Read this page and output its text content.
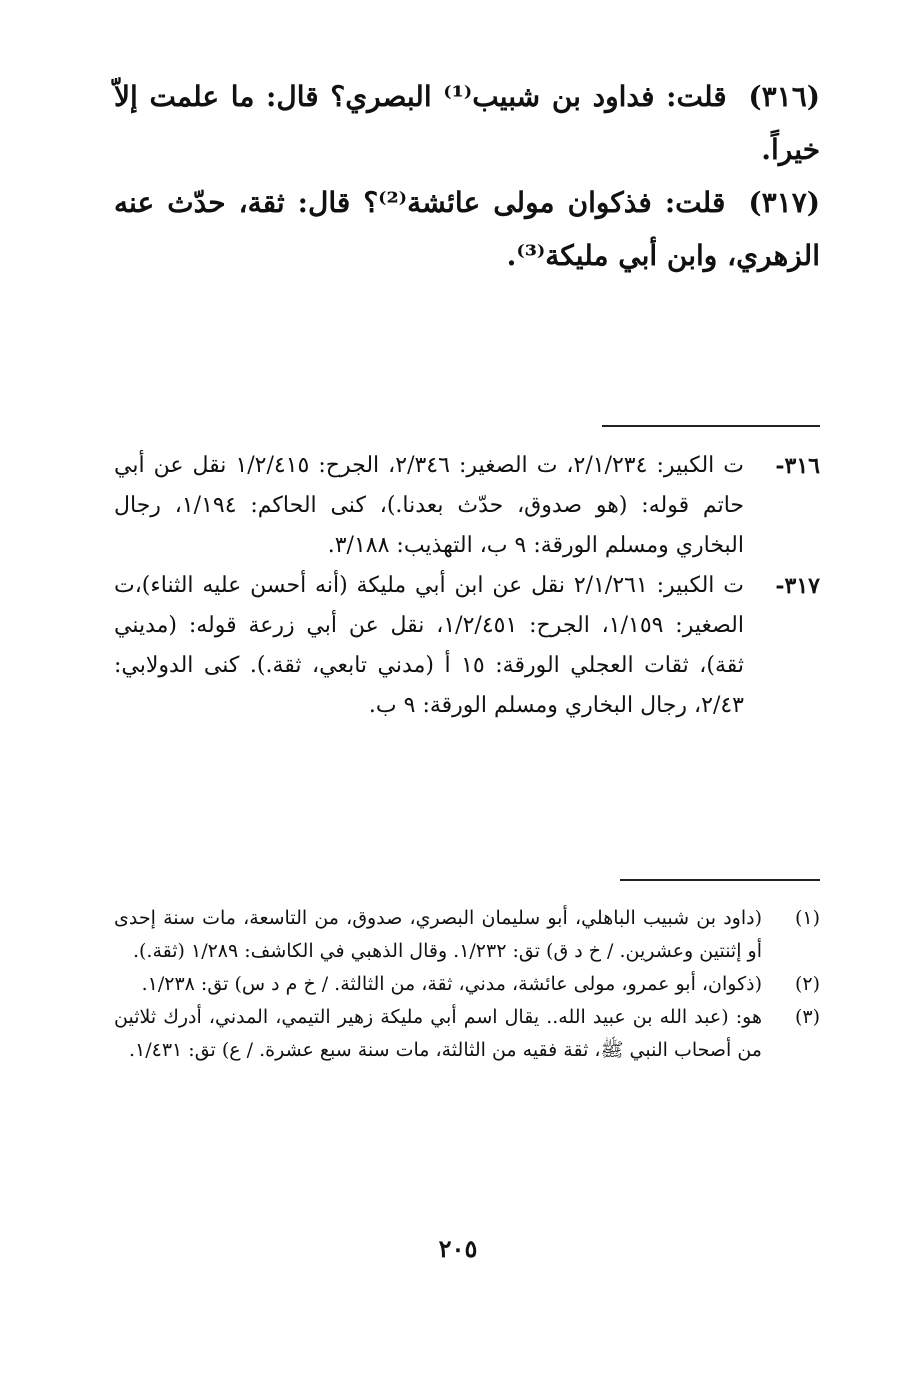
(٣١٦) قلت: فداود بن شبيب⁽¹⁾ البصري؟ قال: ما علمت إلاّ خيراً.

(٣١٧) قلت: فذكوان مولى عائشة⁽²⁾؟ قال: ثقة، حدّث عنه الزهري، وابن أبي مليكة⁽³⁾.

٣١٦-
ت الكبير: ٢/١/٢٣٤، ت الصغير: ٢/٣٤٦، الجرح: ١/٢/٤١٥ نقل عن أبي حاتم قوله: (هو صدوق، حدّث بعدنا.)، كنى الحاكم: ١/١٩٤، رجال البخاري ومسلم الورقة: ٩ ب، التهذيب: ٣/١٨٨.
٣١٧-
ت الكبير: ٢/١/٢٦١ نقل عن ابن أبي مليكة (أنه أحسن عليه الثناء)،ت الصغير: ١/١٥٩، الجرح: ١/٢/٤٥١، نقل عن أبي زرعة قوله: (مديني ثقة)، ثقات العجلي الورقة: ١٥ أ (مدني تابعي، ثقة.). كنى الدولابي: ٢/٤٣، رجال البخاري ومسلم الورقة: ٩ ب.
(١)
(داود بن شبيب الباهلي، أبو سليمان البصري، صدوق، من التاسعة، مات سنة إحدى أو إثنتين وعشرين. / خ د ق) تق: ١/٢٣٢. وقال الذهبي في الكاشف: ١/٢٨٩ (ثقة.).
(٢)
(ذكوان، أبو عمرو، مولى عائشة، مدني، ثقة، من الثالثة. / خ م د س) تق: ١/٢٣٨.
(٣)
هو: (عبد الله بن عبيد الله.. يقال اسم أبي مليكة زهير التيمي، المدني، أدرك ثلاثين من أصحاب النبي ﷺ، ثقة فقيه من الثالثة، مات سنة سبع عشرة. / ع) تق: ١/٤٣١.
٢٠٥
